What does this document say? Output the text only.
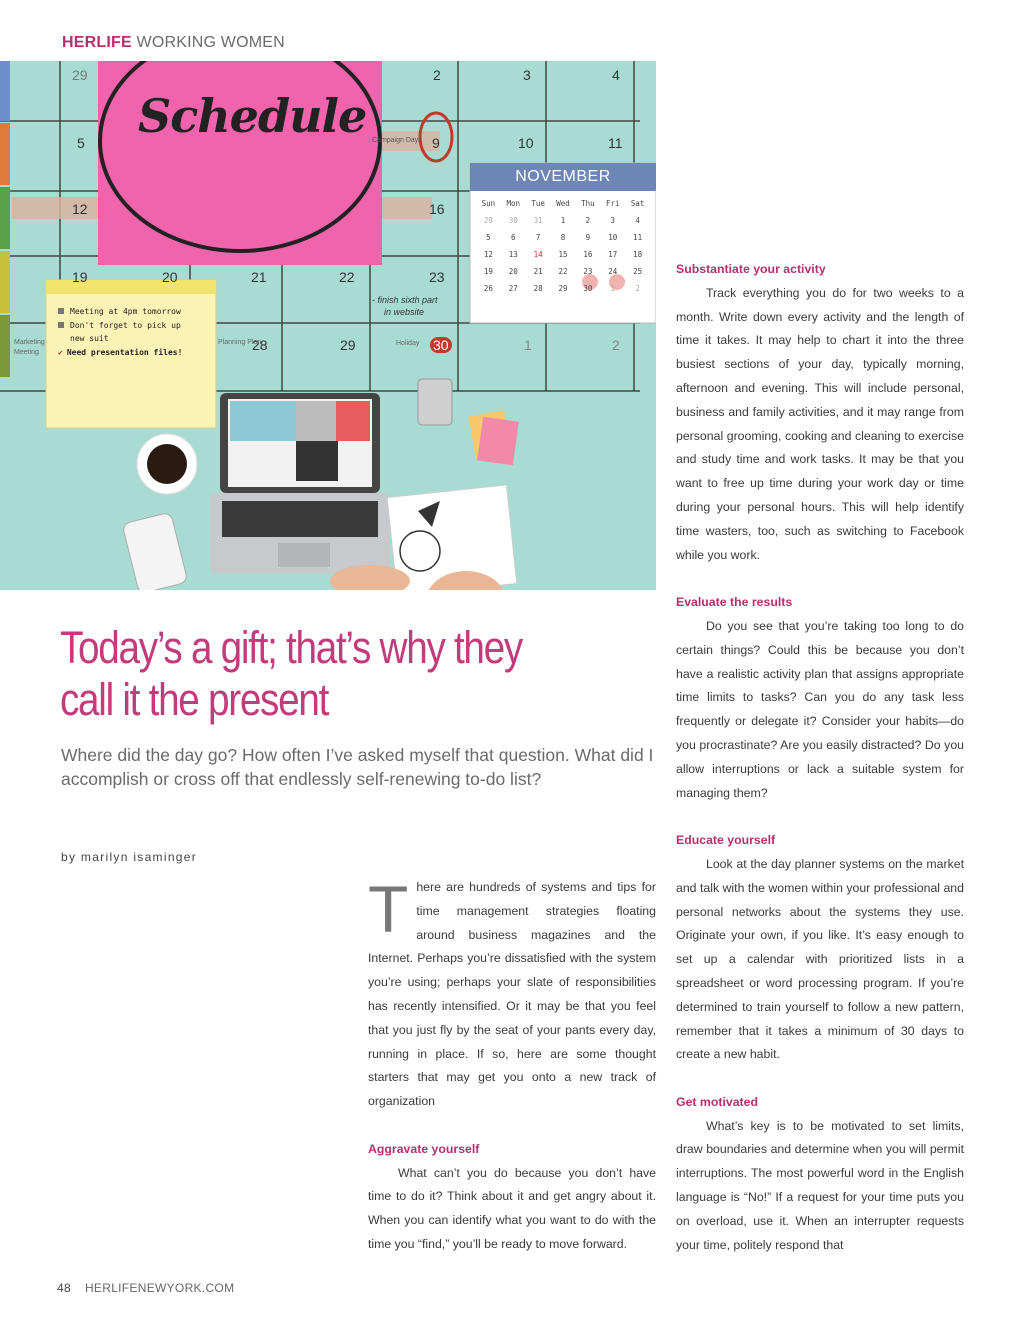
HERLIFE WORKING WOMEN
29	2	3	4
5	9	10	11
12	16
19	20	21	22	23
28	29	30	1	2
Campaign Days
- finish sixth part
in website
Marketing
Meeting
Planning Plan	Holiday
Schedule
NOVEMBER
Sun	Mon	Tue	Wed	Thu	Fri	Sat
29	30	31	1	2	3	4
5	6	7	8	9	10	11
12	13	14	15	16	17	18
19	20	21	22	23	24	25
26	27	28	29	30	1	2
Meeting at 4pm tomorrow
Don't forget to pick up
new suit
✔ Need presentation files!
Today’s a gift; that’s why they call it the present
Where did the day go? How often I’ve asked myself that question. What did I accomplish or cross off that endlessly self-renewing to-do list?
by marilyn isaminger

There are hundreds of systems and tips for time management strategies floating around business magazines and the Internet. Perhaps you’re dissatisfied with the system you’re using; perhaps your slate of responsibilities has recently intensified. Or it may be that you feel that you just fly by the seat of your pants every day, running in place. If so, here are some thought starters that may get you onto a new track of organization

Aggravate yourself

What can’t you do because you don’t have time to do it? Think about it and get angry about it. When you can identify what you want to do with the time you “find,” you’ll be ready to move forward.

Substantiate your activity

Track everything you do for two weeks to a month. Write down every activity and the length of time it takes. It may help to chart it into the three busiest sections of your day, typically morning, afternoon and evening. This will include personal, business and family activities, and it may range from personal grooming, cooking and cleaning to exercise and study time and work tasks. It may be that you want to free up time during your work day or time during your personal hours. This will help identify time wasters, too, such as switching to Facebook while you work.

Evaluate the results

Do you see that you’re taking too long to do certain things? Could this be because you don’t have a realistic activity plan that assigns appropriate time limits to tasks? Can you do any task less frequently or delegate it? Consider your habits—do you procrastinate? Are you easily distracted? Do you allow interruptions or lack a suitable system for managing them?

Educate yourself

Look at the day planner systems on the market and talk with the women within your professional and personal networks about the systems they use. Originate your own, if you like. It’s easy enough to set up a calendar with prioritized lists in a spreadsheet or word processing program. If you’re determined to train yourself to follow a new pattern, remember that it takes a minimum of 30 days to create a new habit.

Get motivated

What’s key is to be motivated to set limits, draw boundaries and determine when you will permit interruptions. The most powerful word in the English language is “No!” If a request for your time puts you on overload, use it. When an interrupter requests your time, politely respond that

48 HERLIFENEWYORK.COM
